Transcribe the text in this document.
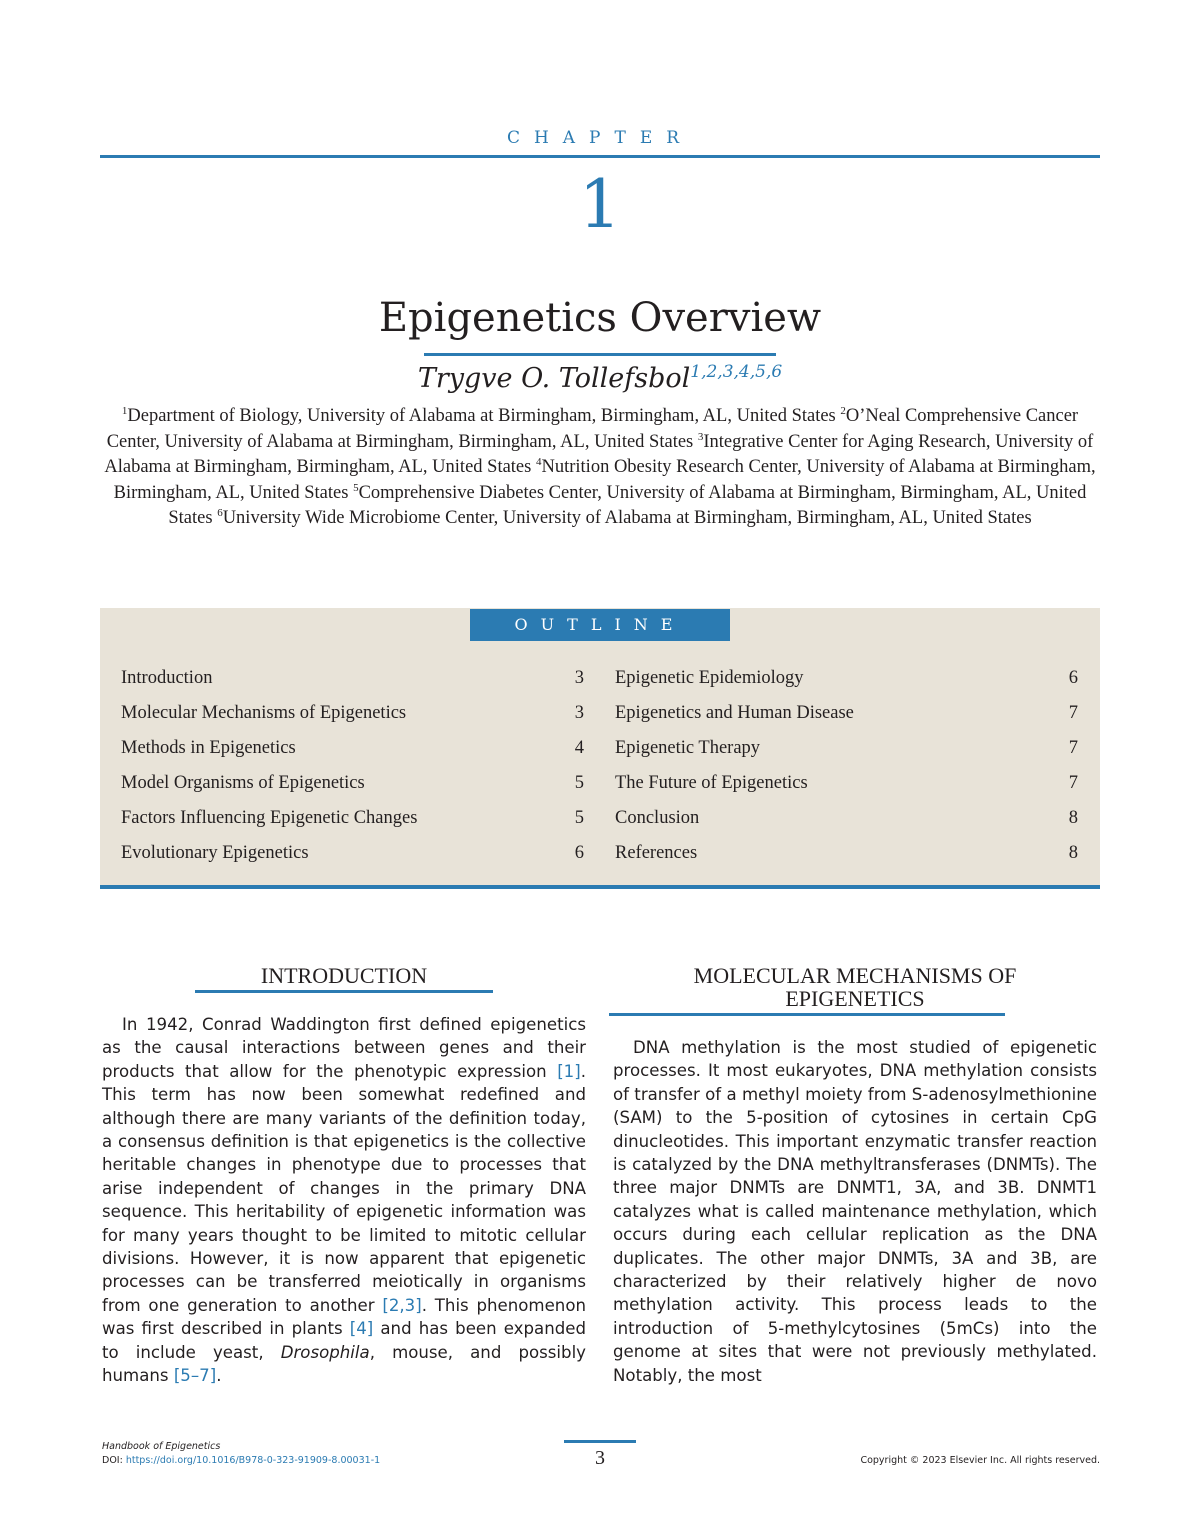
CHAPTER
1
Epigenetics Overview
Trygve O. Tollefsbol$^{1,2,3,4,5,6}$
$^1$Department of Biology, University of Alabama at Birmingham, Birmingham, AL, United States $^2$O’Neal Comprehensive Cancer Center, University of Alabama at Birmingham, Birmingham, AL, United States $^3$Integrative Center for Aging Research, University of Alabama at Birmingham, Birmingham, AL, United States $^4$Nutrition Obesity Research Center, University of Alabama at Birmingham, Birmingham, AL, United States $^5$Comprehensive Diabetes Center, University of Alabama at Birmingham, Birmingham, AL, United States $^6$University Wide Microbiome Center, University of Alabama at Birmingham, Birmingham, AL, United States
OUTLINE
Introduction	3
Molecular Mechanisms of Epigenetics	3
Methods in Epigenetics	4
Model Organisms of Epigenetics	5
Factors Influencing Epigenetic Changes	5
Evolutionary Epigenetics	6
Epigenetic Epidemiology	6
Epigenetics and Human Disease	7
Epigenetic Therapy	7
The Future of Epigenetics	7
Conclusion	8
References	8
INTRODUCTION

In 1942, Conrad Waddington first defined epigenetics as the causal interactions between genes and their products that allow for the phenotypic expression [1]. This term has now been somewhat redefined and although there are many variants of the definition today, a consensus definition is that epigenetics is the collective heritable changes in phenotype due to processes that arise independent of changes in the primary DNA sequence. This heritability of epigenetic information was for many years thought to be limited to mitotic cellular divisions. However, it is now apparent that epigenetic processes can be transferred meiotically in organisms from one generation to another [2,3]. This phenomenon was first described in plants [4] and has been expanded to include yeast, Drosophila, mouse, and possibly humans [5–7].

MOLECULAR MECHANISMS OF EPIGENETICS

DNA methylation is the most studied of epigenetic processes. It most eukaryotes, DNA methylation consists of transfer of a methyl moiety from S-adenosylmethionine (SAM) to the 5-position of cytosines in certain CpG dinucleotides. This important enzymatic transfer reaction is catalyzed by the DNA methyltransferases (DNMTs). The three major DNMTs are DNMT1, 3A, and 3B. DNMT1 catalyzes what is called maintenance methylation, which occurs during each cellular replication as the DNA duplicates. The other major DNMTs, 3A and 3B, are characterized by their relatively higher de novo methylation activity. This process leads to the introduction of 5-methylcytosines (5mCs) into the genome at sites that were not previously methylated. Notably, the most

Handbook of Epigenetics
DOI: https://doi.org/10.1016/B978-0-323-91909-8.00031-1	3	Copyright © 2023 Elsevier Inc. All rights reserved.
